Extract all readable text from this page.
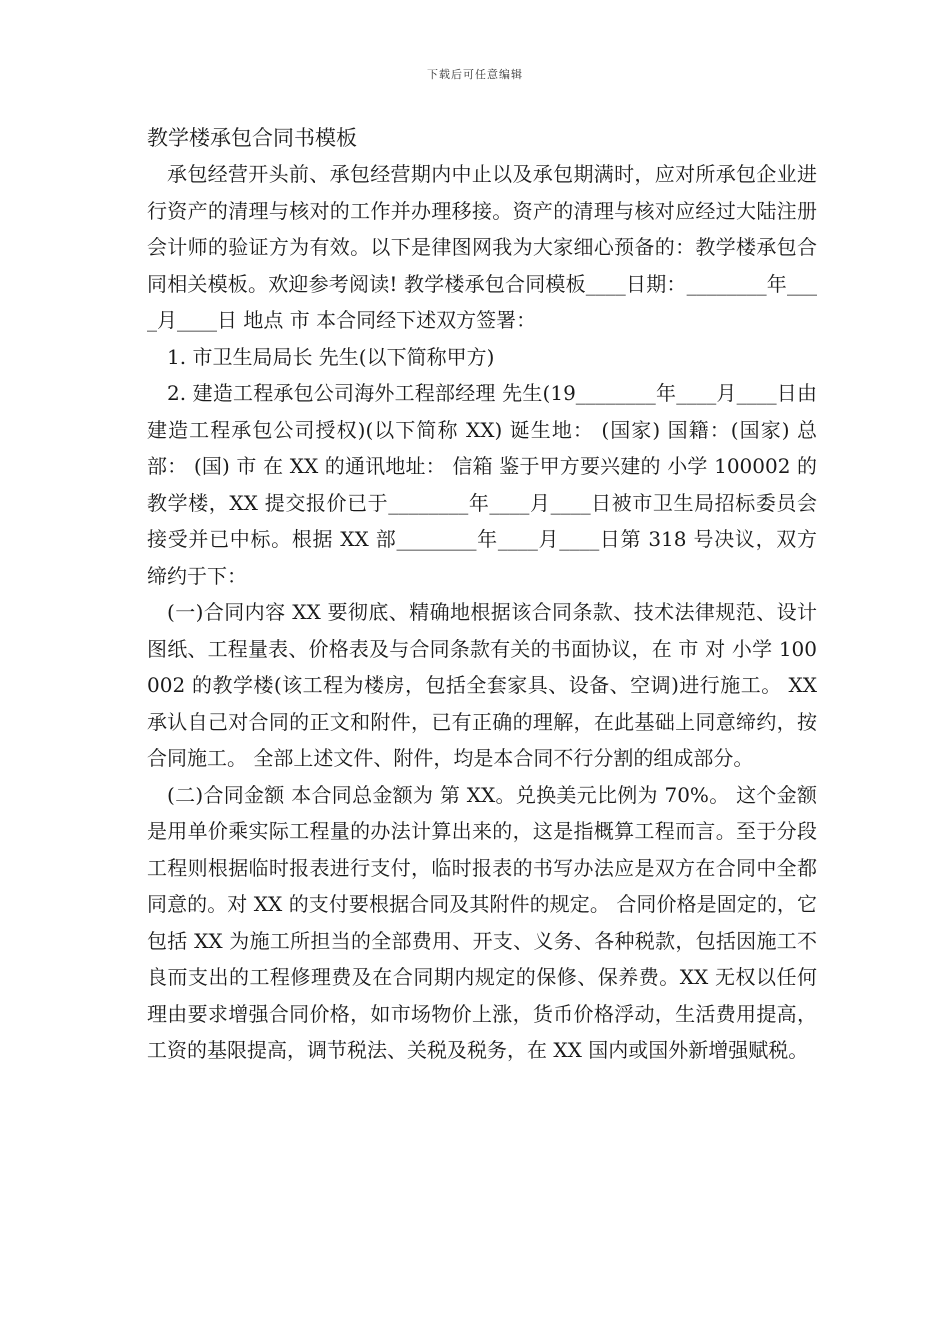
下载后可任意编辑
教学楼承包合同书模板

承包经营开头前、承包经营期内中止以及承包期满时，应对所承包企业进行资产的清理与核对的工作并办理移接。资产的清理与核对应经过大陆注册会计师的验证方为有效。以下是律图网我为大家细心预备的：教学楼承包合同相关模板。欢迎参考阅读! 教学楼承包合同模板____日期：________年____月____日 地点 市 本合同经下述双方签署：

1. 市卫生局局长 先生(以下简称甲方)

2. 建造工程承包公司海外工程部经理 先生(19________年____月____日由建造工程承包公司授权)(以下简称 XX) 诞生地： (国家) 国籍：(国家) 总部： (国) 市 在 XX 的通讯地址： 信箱 鉴于甲方要兴建的 小学 100002 的教学楼，XX 提交报价已于________年____月____日被市卫生局招标委员会接受并已中标。根据 XX 部________年____月____日第 318 号决议，双方缔约于下：

(一)合同内容 XX 要彻底、精确地根据该合同条款、技术法律规范、设计图纸、工程量表、价格表及与合同条款有关的书面协议，在 市 对 小学 100002 的教学楼(该工程为楼房，包括全套家具、设备、空调)进行施工。 XX 承认自己对合同的正文和附件，已有正确的理解，在此基础上同意缔约，按合同施工。 全部上述文件、附件，均是本合同不行分割的组成部分。

(二)合同金额 本合同总金额为 第 XX。兑换美元比例为 70%。 这个金额是用单价乘实际工程量的办法计算出来的，这是指概算工程而言。至于分段工程则根据临时报表进行支付，临时报表的书写办法应是双方在合同中全都同意的。对 XX 的支付要根据合同及其附件的规定。 合同价格是固定的，它包括 XX 为施工所担当的全部费用、开支、义务、各种税款，包括因施工不良而支出的工程修理费及在合同期内规定的保修、保养费。XX 无权以任何理由要求增强合同价格，如市场物价上涨，货币价格浮动，生活费用提高，工资的基限提高，调节税法、关税及税务，在 XX 国内或国外新增强赋税。
